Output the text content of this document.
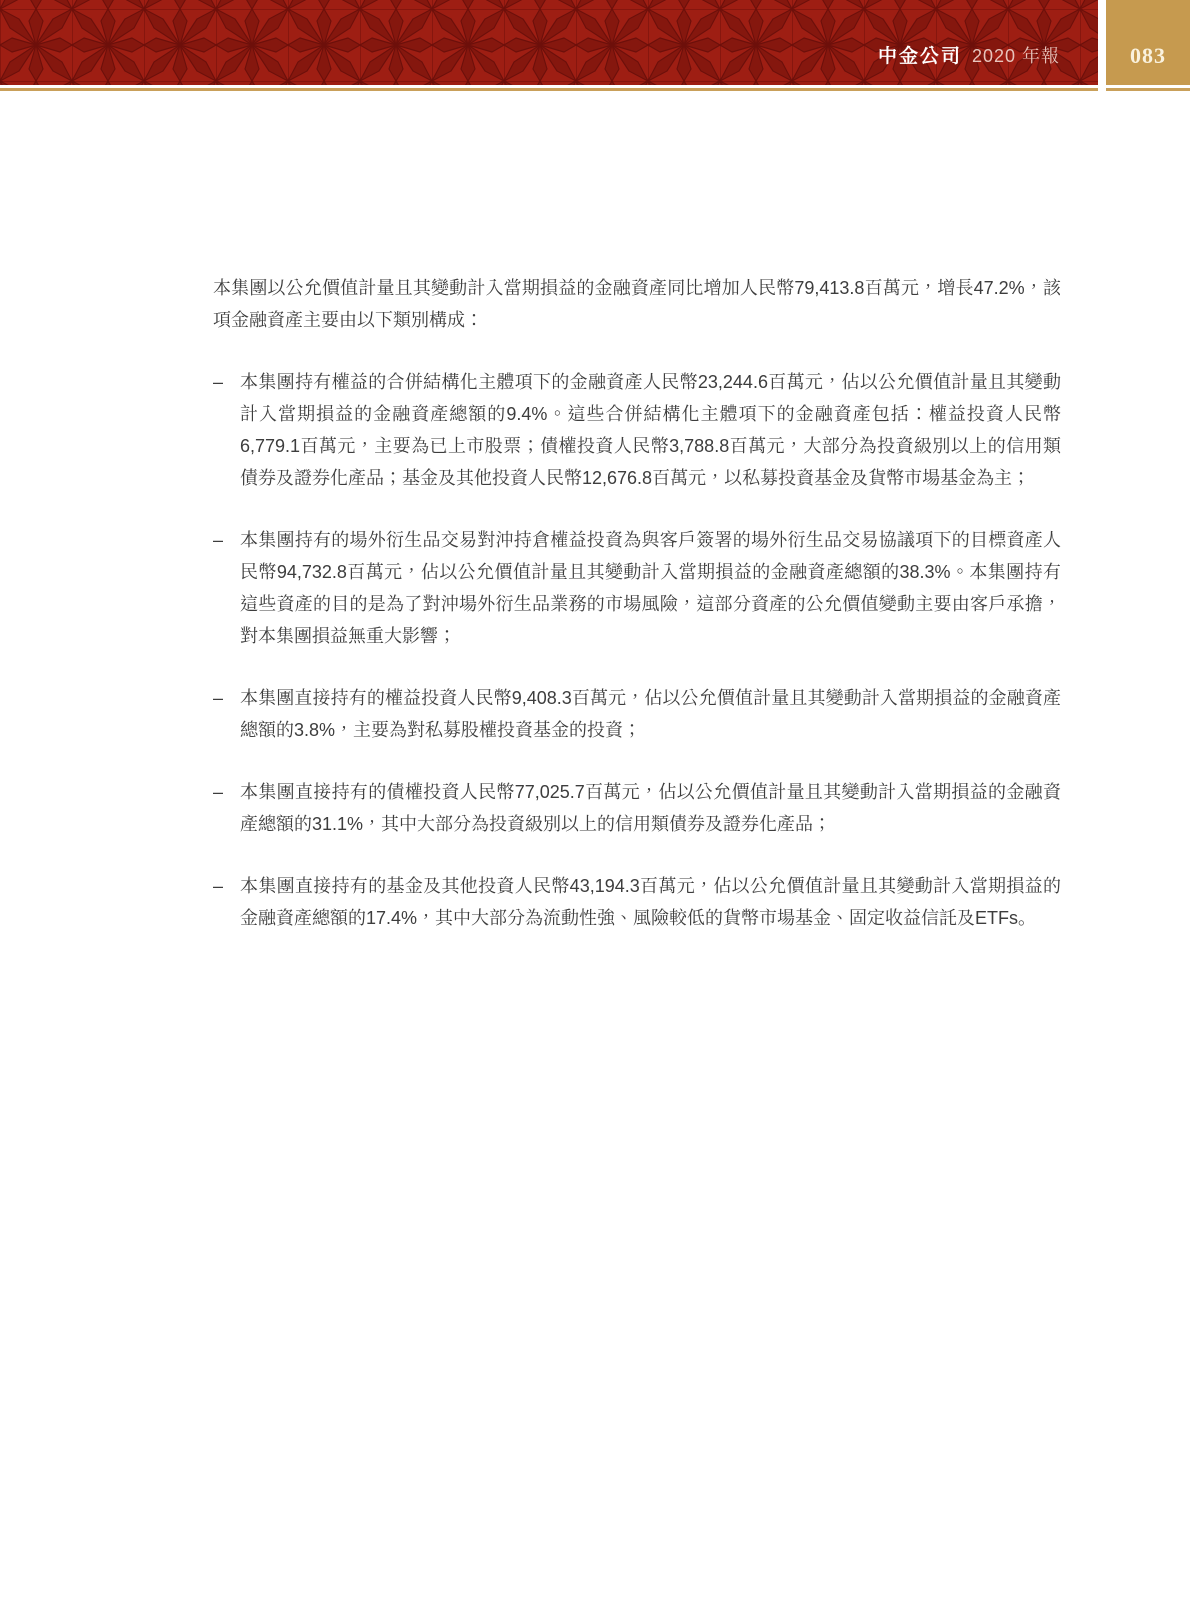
中金公司 2020 年報	083

本集團以公允價值計量且其變動計入當期損益的金融資產同比增加人民幣79,413.8百萬元，增長47.2%，該項金融資產主要由以下類別構成：

– 本集團持有權益的合併結構化主體項下的金融資產人民幣23,244.6百萬元，佔以公允價值計量且其變動計入當期損益的金融資產總額的9.4%。這些合併結構化主體項下的金融資產包括：權益投資人民幣6,779.1百萬元，主要為已上市股票；債權投資人民幣3,788.8百萬元，大部分為投資級別以上的信用類債券及證券化產品；基金及其他投資人民幣12,676.8百萬元，以私募投資基金及貨幣市場基金為主；
– 本集團持有的場外衍生品交易對沖持倉權益投資為與客戶簽署的場外衍生品交易協議項下的目標資產人民幣94,732.8百萬元，佔以公允價值計量且其變動計入當期損益的金融資產總額的38.3%。本集團持有這些資產的目的是為了對沖場外衍生品業務的市場風險，這部分資產的公允價值變動主要由客戶承擔，對本集團損益無重大影響；
– 本集團直接持有的權益投資人民幣9,408.3百萬元，佔以公允價值計量且其變動計入當期損益的金融資產總額的3.8%，主要為對私募股權投資基金的投資；
– 本集團直接持有的債權投資人民幣77,025.7百萬元，佔以公允價值計量且其變動計入當期損益的金融資產總額的31.1%，其中大部分為投資級別以上的信用類債券及證券化產品；
– 本集團直接持有的基金及其他投資人民幣43,194.3百萬元，佔以公允價值計量且其變動計入當期損益的金融資產總額的17.4%，其中大部分為流動性強、風險較低的貨幣市場基金、固定收益信託及ETFs。
